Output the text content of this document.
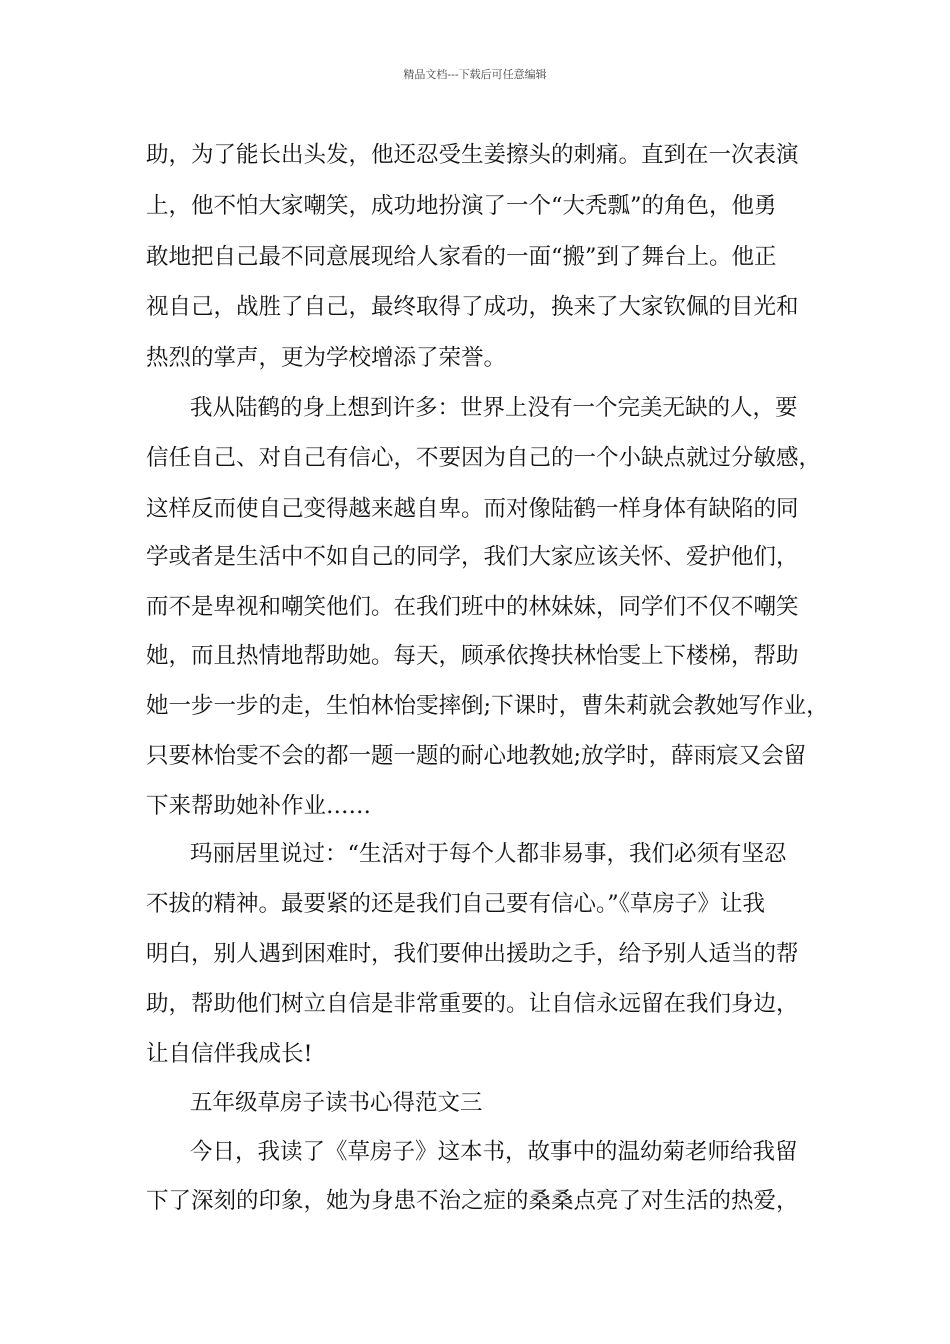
精品文档---下载后可任意编辑
助，为了能长出头发，他还忍受生姜擦头的刺痛。直到在一次表演
上，他不怕大家嘲笑，成功地扮演了一个“大秃瓢”的角色，他勇
敢地把自己最不同意展现给人家看的一面“搬”到了舞台上。他正
视自己，战胜了自己，最终取得了成功，换来了大家钦佩的目光和
热烈的掌声，更为学校增添了荣誉。
我从陆鹤的身上想到许多：世界上没有一个完美无缺的人，要
信任自己、对自己有信心，不要因为自己的一个小缺点就过分敏感，
这样反而使自己变得越来越自卑。而对像陆鹤一样身体有缺陷的同
学或者是生活中不如自己的同学，我们大家应该关怀、爱护他们，
而不是卑视和嘲笑他们。在我们班中的林妹妹，同学们不仅不嘲笑
她，而且热情地帮助她。每天，顾承依搀扶林怡雯上下楼梯，帮助
她一步一步的走，生怕林怡雯摔倒;下课时，曹朱莉就会教她写作业，
只要林怡雯不会的都一题一题的耐心地教她;放学时，薛雨宸又会留
下来帮助她补作业……
玛丽居里说过：“生活对于每个人都非易事，我们必须有坚忍
不拔的精神。最要紧的还是我们自己要有信心。”《草房子》让我
明白，别人遇到困难时，我们要伸出援助之手，给予别人适当的帮
助，帮助他们树立自信是非常重要的。让自信永远留在我们身边，
让自信伴我成长!
五年级草房子读书心得范文三
今日，我读了《草房子》这本书，故事中的温幼菊老师给我留
下了深刻的印象，她为身患不治之症的桑桑点亮了对生活的热爱，
